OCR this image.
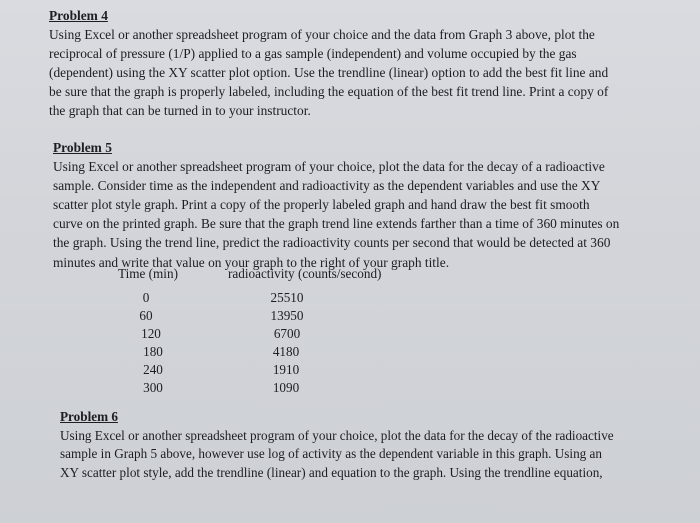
Problem 4
Using Excel or another spreadsheet program of your choice and the data from Graph 3 above, plot the
reciprocal of pressure (1/P) applied to a gas sample (independent) and volume occupied by the gas
(dependent) using the XY scatter plot option. Use the trendline (linear) option to add the best fit line and
be sure that the graph is properly labeled, including the equation of the best fit trend line. Print a copy of
the graph that can be turned in to your instructor.
Problem 5
Using Excel or another spreadsheet program of your choice, plot the data for the decay of a radioactive
sample. Consider time as the independent and radioactivity as the dependent variables and use the XY
scatter plot style graph. Print a copy of the properly labeled graph and hand draw the best fit smooth
curve on the printed graph. Be sure that the graph trend line extends farther than a time of 360 minutes on
the graph. Using the trend line, predict the radioactivity counts per second that would be detected at 360
minutes and write that value on your graph to the right of your graph title.
Time (min)	radioactivity (counts/second)
0	25510
60	13950
120	6700
180	4180
240	1910
300	1090
Problem 6
Using Excel or another spreadsheet program of your choice, plot the data for the decay of the radioactive
sample in Graph 5 above, however use log of activity as the dependent variable in this graph. Using an
XY scatter plot style, add the trendline (linear) and equation to the graph. Using the trendline equation,
